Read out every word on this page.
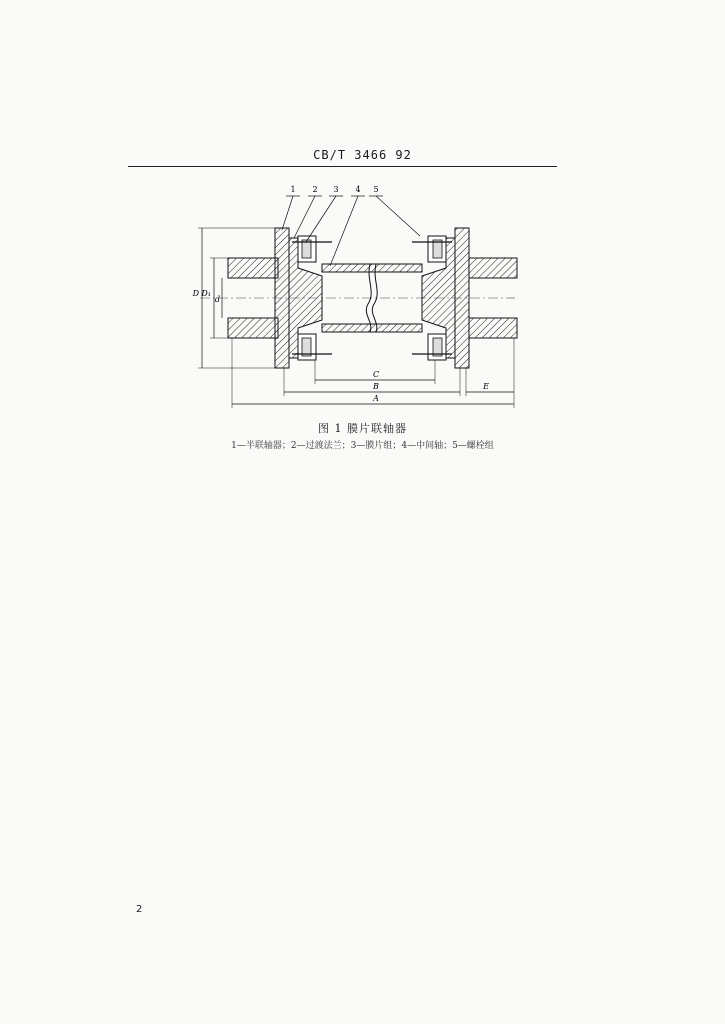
CB/T 3466 92
1 2 3 4 5
D D₁
d
C
B	E
A
图 1 膜片联轴器
1—半联轴器；2—过渡法兰；3—膜片组；4—中间轴；5—螺栓组
2
